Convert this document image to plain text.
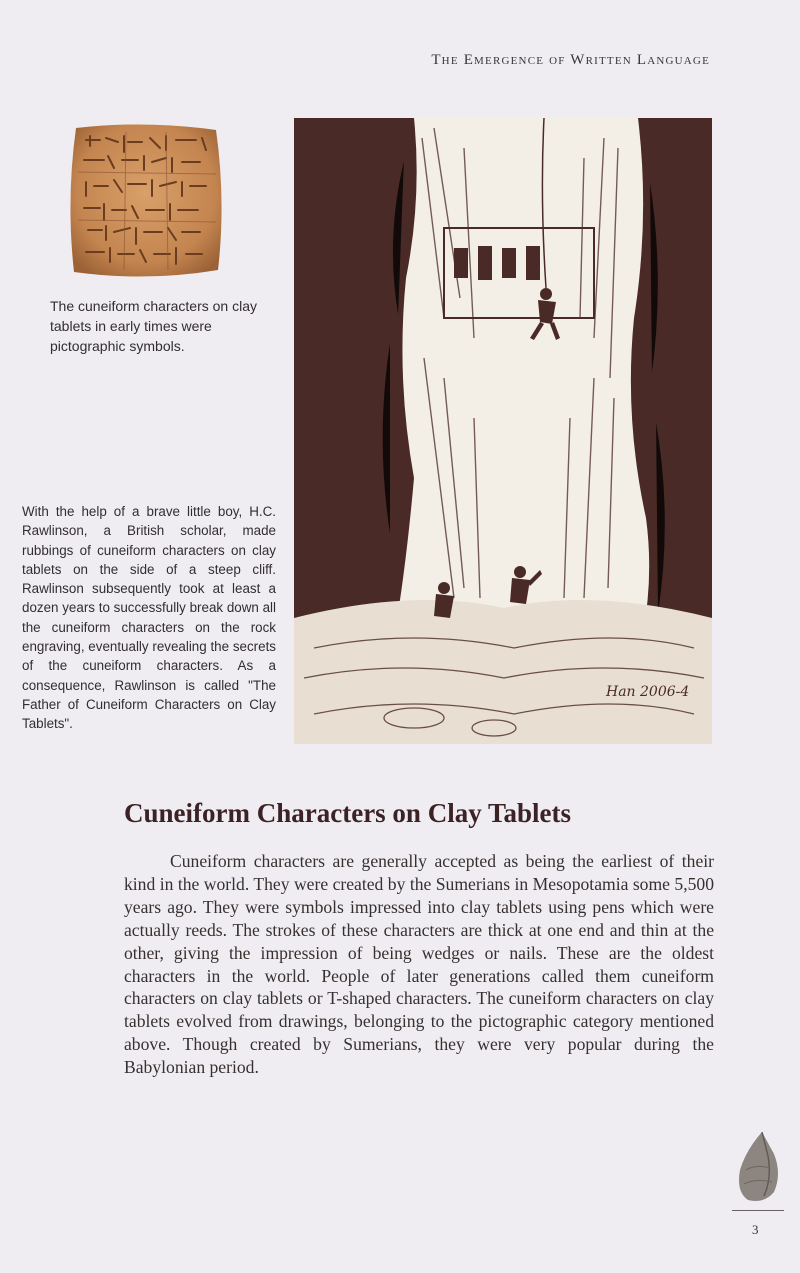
The Emergence of Written Language
The cuneiform characters on clay tablets in early times were pictographic symbols.
With the help of a brave little boy, H.C. Rawlinson, a British scholar, made rubbings of cuneiform characters on clay tablets on the side of a steep cliff. Rawlinson subsequently took at least a dozen years to successfully break down all the cuneiform characters on the rock engraving, eventually revealing the secrets of the cuneiform characters. As a consequence, Rawlinson is called "The Father of Cuneiform Characters on Clay Tablets".
Han 2006-4
Cuneiform Characters on Clay Tablets

Cuneiform characters are generally accepted as being the earliest of their kind in the world. They were created by the Sumerians in Mesopotamia some 5,500 years ago. They were symbols impressed into clay tablets using pens which were actually reeds. The strokes of these characters are thick at one end and thin at the other, giving the impression of being wedges or nails. These are the oldest characters in the world. People of later generations called them cuneiform characters on clay tablets or T-shaped characters. The cuneiform characters on clay tablets evolved from drawings, belonging to the pictographic category mentioned above. Though created by Sumerians, they were very popular during the Babylonian period.

3
